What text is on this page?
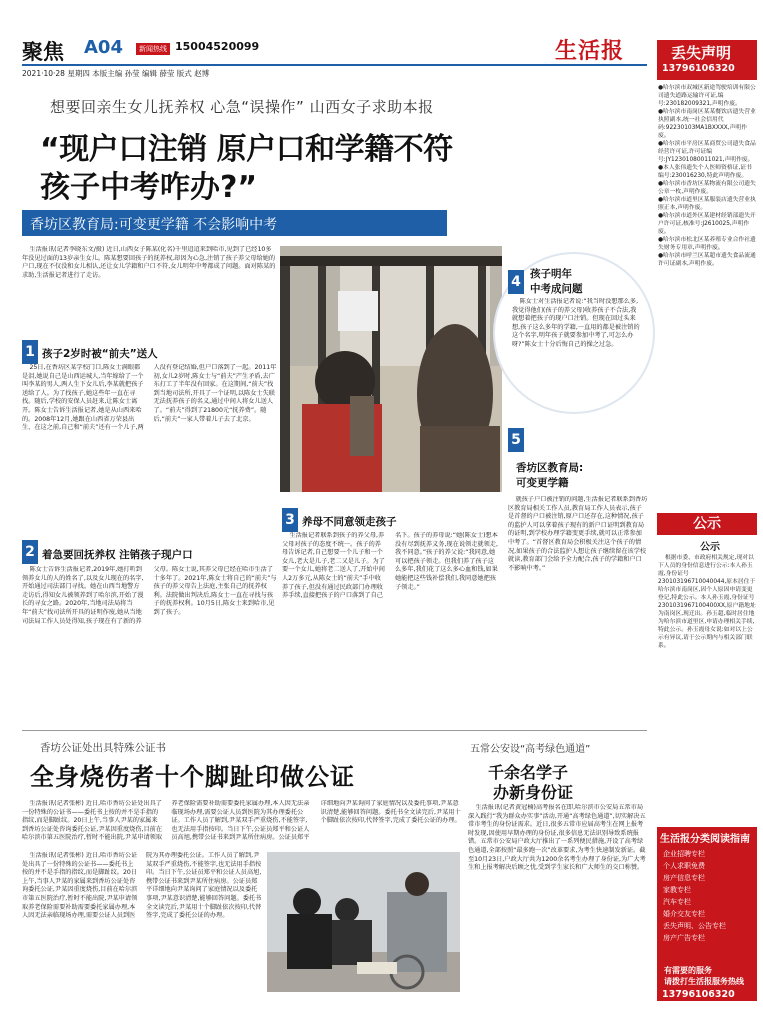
聚焦 A04	新闻热线 15004520099	生活报
2021·10·28 星期四 本版主编 孙莹 编辑 薛莹 版式 赵博
想要回亲生女儿抚养权 心急“误操作” 山西女子求助本报
“现户口注销 原户口和学籍不符
孩子中考咋办?”
香坊区教育局:可变更学籍 不会影响中考

生活报讯(记者李晓东文/摄) 近日,山西女子陈某(化名)千里迢迢来到哈市,见到了已经10多年没见过面的13岁亲生女儿。陈某想要回孩子的抚养权,却因为心急,注销了孩子养父母给她的户口,现在不仅没和女儿相认,还让女儿学籍和户口不符,女儿明年中考都成了问题。面对陈某的求助,生活报记者进行了走访。

1 孩子2岁时被“前夫”送人

25日,在香坊区某学校门口,陈女士满眼都是泪,她说自己是山西运城人,当年嫁给了一个叫李某的男人,两人生下女儿后,李某就把孩子送给了人。为了找孩子,她这些年一直在寻找。随后,学校的安保人员赶来,让陈女士离开。陈女士告诉生活报记者,她是从山西来哈的。2008年12月,她跟在山西省万荣县出生、在这之前,自己和“前夫”还有一个儿子,两人没有登记结婚,但户口落到了一起。2011年初,女儿2岁时,陈女士与“前夫”产生矛盾,去广东打工了半年没有回家。在这期间,“前夫”找到当地司法所,开具了一个证明,以陈女士失联无法抚养孩子的名义,通过中间人将女儿送人了。“前夫”得到了21800元“抚养费”。随后,“前夫”一家人带着儿子去了北京。

2 着急要回抚养权 注销孩子现户口

陈女士告诉生活报记者,2019年,她打听到领养女儿的人的姓名了,以及女儿现在的名字,开始通过司法部门寻找。她在山西当地警方走访后,得知女儿被领养到了哈尔滨,开始了漫长的寻女之路。2020年,当地司法局将当年“前夫”找司法所开具的证明作废,她从当地司法局工作人员处得知,孩子现在有了新的养父母。陈女士说,其养父母已经在哈市生活了十多年了。2021年,陈女士将自己的“前夫”与孩子的养父母告上法庭,主张自己的抚养权利。法院做出判决后,陈女士一直在寻找与孩子的抚养权利。10月5日,陈女士来到哈市,见到了孩子。

3 养母不同意领走孩子

生活报记者联系到孩子的养父母,养父母对孩子的态度不统一。孩子的养母告诉记者,自己想要一个儿子和一个女儿,老大是儿子,老二又是儿子。为了要一个女儿,她将老二送人了,开始中间人2万多元,从陈女士的“前夫”手中收养了孩子,但没有通过民政部门办理收养手续,直接把孩子的户口落到了自己名下。孩子的养母说:“她(陈女士)想本没有尽到抚养义务,现在说领走就领走,我不同意。”孩子的养父说:“我同意,她可以把孩子领走。但我们养了孩子这么多年,我们花了这么多心血和钱,如果她能把这些钱补偿我们,我同意她把孩子领走。”

4 孩子明年
中考成问题

陈女士对生活报记者说:“我当时没想那么多,我觉得他们(孩子的养父母)收养孩子不合法,我就想着把孩子的现户口注销。但现在回过头来想,孩子这么多年的学籍,一直用的都是被注销的这个名字,明年孩子就要参加中考了,可怎么办呀?”陈女士十分后悔自己的操之过急。

5
香坊区教育局:
可变更学籍

就孩子户口被注销的问题,生活报记者联系到香坊区教育局相关工作人员,教育局工作人员表示,孩子是首督的户口被注销,原户口还存在,这种情况,孩子的监护人可以拿着孩子现有的新户口证明到教育局的证明,到学校办理学籍变更手续,就可以正常参加中考了。“首督区教育局会积极关注这个孩子的情况,如果孩子的合法监护人想让孩子继续留在该学校就读,教育部门会给予全力配合,孩子的学籍和户口不影响中考。”

香坊公证处出具特殊公证书
全身烧伤者十个脚趾印做公证

生活报讯(记者张彬) 近日,哈市香坊公证处出具了一份特殊的公证书——委托书上按的并不是手指的指纹,而是脚趾纹。20日上午,当事人尹某的家属来到香坊公证处咨询委托公证,尹某因重度烧伤,目前在哈尔滨市第五医院治疗,暂时不能出院,尹某申请领取养老保险需要补助需要委托家属办理,本人因无法亲临现场办理,需要公证人员到医院为其办理委托公证。工作人员了解到,尹某双手严重烧伤,不能签字,也无法用手指按印。当日下午,公证员郑平和公证人员高旭,携带公证书来到尹某所住病房。公证员郑平详细地向尹某询问了家庭情况以及委托事项,尹某意识清楚,能够回答问题。委托书全文读完后,尹某用十个脚趾依次按印,代替签字,完成了委托公证的办理。

生活报讯(记者张彬) 近日,哈市香坊公证处出具了一份特殊的公证书——委托书上按的并不是手指的指纹,而是脚趾纹。20日上午,当事人尹某的家属来到香坊公证处咨询委托公证,尹某因重度烧伤,目前在哈尔滨市第五医院治疗,暂时不能出院,尹某申请领取养老保险需要补助需要委托家属办理,本人因无法亲临现场办理,需要公证人员到医院为其办理委托公证。工作人员了解到,尹某双手严重烧伤,不能签字,也无法用手指按印。当日下午,公证员郑平和公证人员高旭,携带公证书来到尹某所住病房。公证员郑平详细地向尹某询问了家庭情况以及委托事项,尹某意识清楚,能够回答问题。委托书全文读完后,尹某用十个脚趾依次按印,代替签字,完成了委托公证的办理。

五常公安设“高考绿色通道”
千余名学子
办新身份证

生活报讯(记者黄冠楠)高考报名在即,哈尔滨市公安局五常市局深入践行“我为群众办实事”活动,开通“高考绿色通道”,切实解决五常市考生的身份证需求。近日,很多五常市应届高考生在网上报考时发现,因使用早期办理的身份证,很多信息无法识别导致系统报错。五常市公安局户政大厅推出了一系列便民措施,开设了高考绿色通道,全部按照“最多跑一次”改革要求,为考生快速制发新证。截至10月23日,户政大厅共为1200余名考生办理了身份证,为广大考生和上报考解决后顾之忧,受到学生家长和广大师生的交口称赞。

丢失声明
13796106320
●哈尔滨市双城区新途驾驶培训有限公司遗失道路运输许可证,编号:230182009321,声明作废。
●哈尔滨市南岗区某某餐饮店遗失营业执照副本,统一社会信用代码:92230103MA1BXXXX,声明作废。
●哈尔滨市平房区某商贸公司遗失食品经营许可证,许可证编号:JY12301080011021,声明作废。
●本人张伟遗失个人医师资格证,证书编号:230016230,特此声明作废。
●哈尔滨市香坊区某物流有限公司遗失公章一枚,声明作废。
●哈尔滨市道里区某服装店遗失营业执照正本,声明作废。
●哈尔滨市道外区某建材经销部遗失开户许可证,核准号:J2610025,声明作废。
●哈尔滨市松北区某养殖专业合作社遗失财务专用章,声明作废。
●哈尔滨市呼兰区某超市遗失食品流通许可证副本,声明作废。
公示
公示

根据市委、市政府相关规定,现对以下人员的身份信息进行公示:本人孙玉霞,身份证号230103196710040044,原本居住于哈尔滨市南岗区,因个人原因申请变更登记,特此公示。本人孙玉霞,身份证号2301031967100400XX,原户籍地址为南岗区,现迁出。孙玉超,临时居住地为哈尔滨市道里区,申请办理相关手续,特此公示。孙玉霞母女说:如对以上公示有异议,请于公示期内与相关部门联系。

生活报分类阅读指南
企业招聘专栏
个人求职免费
房产信息专栏
家教专栏
汽车专栏
婚介交友专栏
丢失声明、公告专栏
房产广告专栏
有需要的服务
请拨打生活报服务热线
13796106320
